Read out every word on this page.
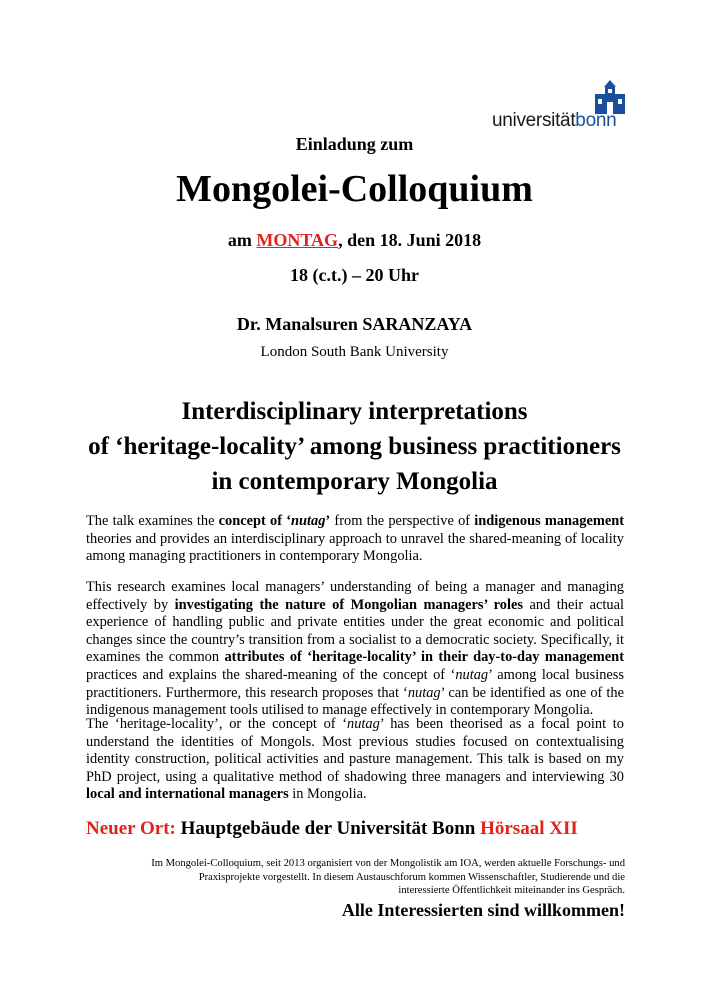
universitätbonn
Einladung zum
Mongolei-Colloquium
am MONTAG, den 18. Juni 2018
18 (c.t.) – 20 Uhr
Dr. Manalsuren SARANZAYA
London South Bank University
Interdisciplinary interpretations
of ‘heritage-locality’ among business practitioners
in contemporary Mongolia
The talk examines the concept of ‘nutag’ from the perspective of indigenous management theories and provides an interdisciplinary approach to unravel the shared-meaning of locality among managing practitioners in contemporary Mongolia.
This research examines local managers’ understanding of being a manager and managing effectively by investigating the nature of Mongolian managers’ roles and their actual experience of handling public and private entities under the great economic and political changes since the country’s transition from a socialist to a democratic society. Specifically, it examines the common attributes of ‘heritage-locality’ in their day-to-day management practices and explains the shared-meaning of the concept of ‘nutag’ among local business practitioners. Furthermore, this research proposes that ‘nutag’ can be identified as one of the indigenous management tools utilised to manage effectively in contemporary Mongolia.
The ‘heritage-locality’, or the concept of ‘nutag’ has been theorised as a focal point to understand the identities of Mongols. Most previous studies focused on contextualising identity construction, political activities and pasture management. This talk is based on my PhD project, using a qualitative method of shadowing three managers and interviewing 30 local and international managers in Mongolia.
Neuer Ort: Hauptgebäude der Universität Bonn Hörsaal XII
Im Mongolei-Colloquium, seit 2013 organisiert von der Mongolistik am IOA, werden aktuelle Forschungs- und
Praxisprojekte vorgestellt. In diesem Austauschforum kommen Wissenschaftler, Studierende und die
interessierte Öffentlichkeit miteinander ins Gespräch.
Alle Interessierten sind willkommen!
